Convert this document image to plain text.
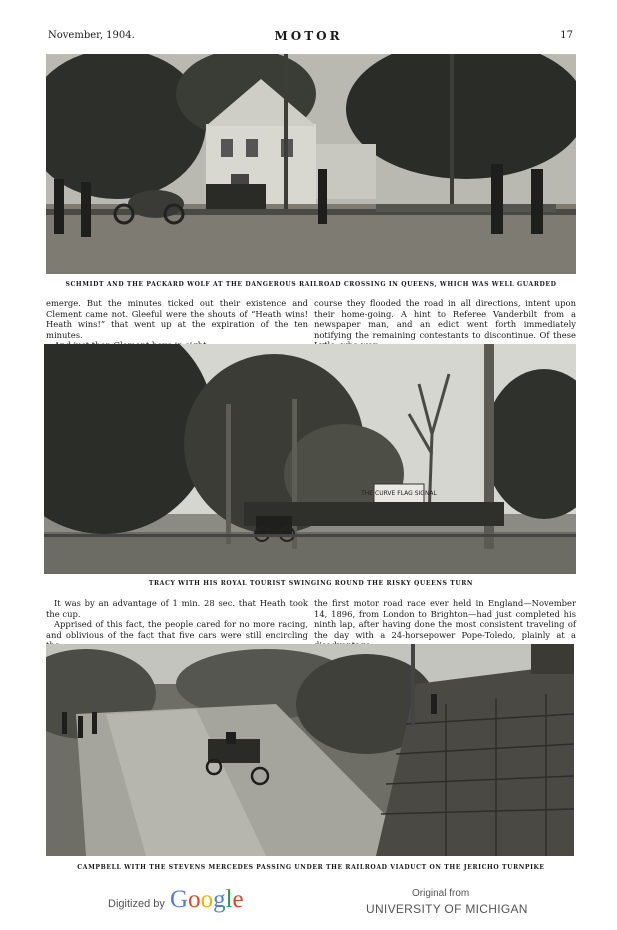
November, 1904.	MOTOR	17
SCHMIDT AND THE PACKARD WOLF AT THE DANGEROUS RAILROAD CROSSING IN QUEENS, WHICH WAS WELL GUARDED

emerge. But the minutes ticked out their existence and Clement came not. Gleeful were the shouts of “Heath wins! Heath wins!” that went up at the expiration of the ten minutes.

course they flooded the road in all directions, intent upon their home-going. A hint to Referee Vanderbilt from a newspaper man, and an edict went forth immediately notifying the remaining contestants to discontinue. Of these

THE CURVE FLAG SIGNAL
TRACY WITH HIS ROYAL TOURIST SWINGING ROUND THE RISKY QUEENS TURN

It was by an advantage of 1 min. 28 sec. that Heath took the cup.

Apprised of this fact, the people cared for no more racing, and oblivious of the fact that five cars were still encircling

the first motor road race ever held in England—November 14, 1896, from London to Brighton—had just completed his ninth lap, after having done the most consistent traveling of the day with a 24-horsepower Pope-Toledo, plainly at a

CAMPBELL WITH THE STEVENS MERCEDES PASSING UNDER THE RAILROAD VIADUCT ON THE JERICHO TURNPIKE
Digitized by Google	Original from
UNIVERSITY OF MICHIGAN
